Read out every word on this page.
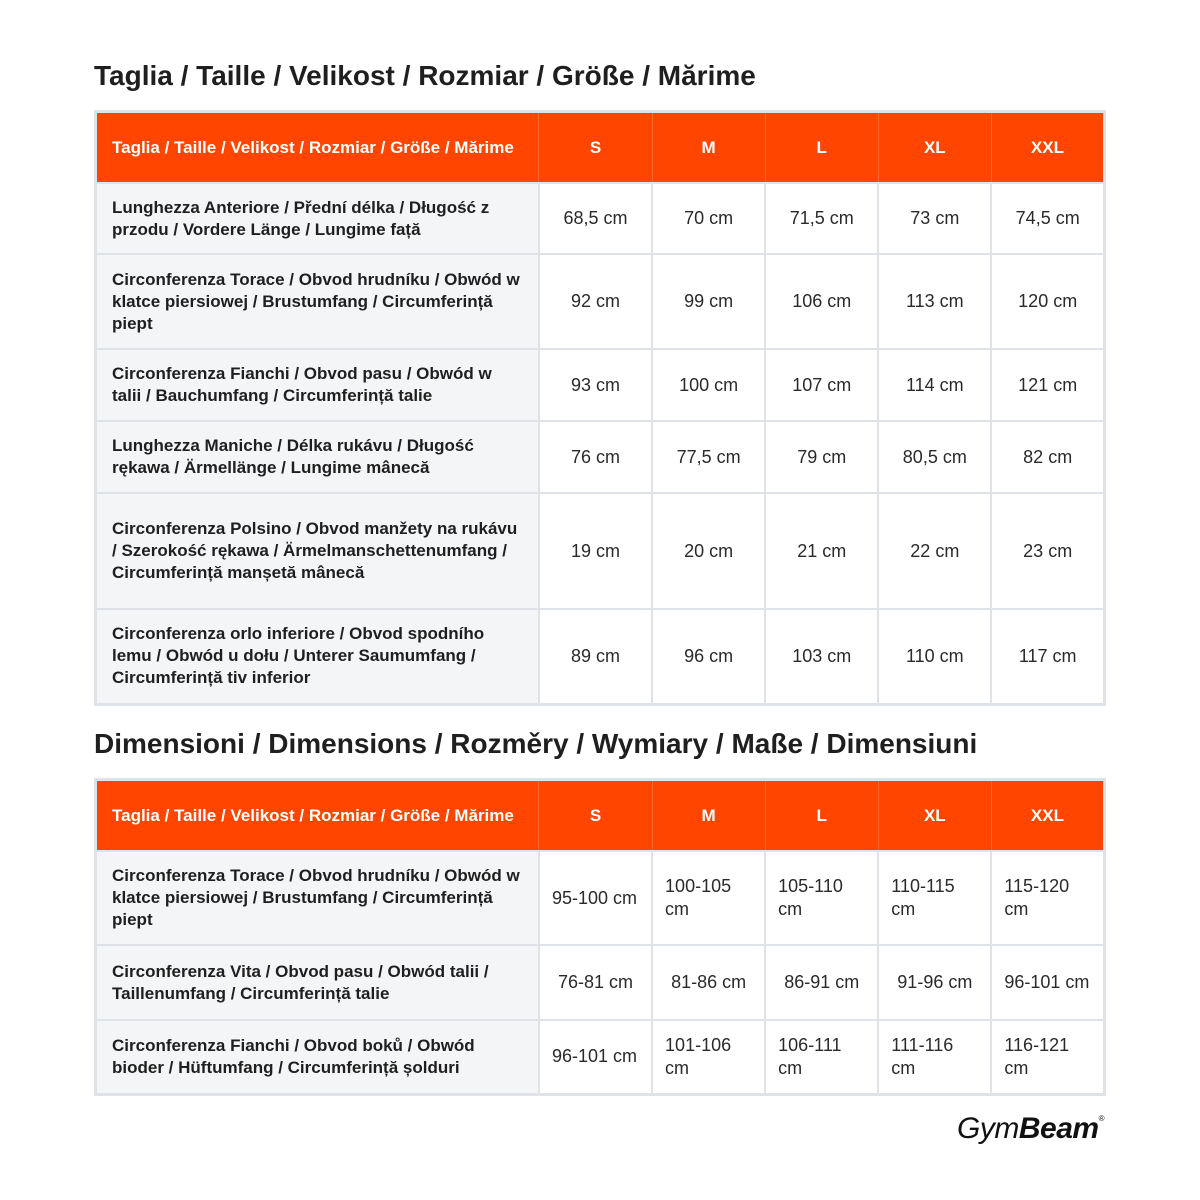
Taglia / Taille / Velikost / Rozmiar / Größe / Mărime
Taglia / Taille / Velikost / Rozmiar / Größe / Mărime	S	M	L	XL	XXL
Lunghezza Anteriore / Přední délka / Długość z przodu / Vordere Länge / Lungime față	68,5 cm	70 cm	71,5 cm	73 cm	74,5 cm
Circonferenza Torace / Obvod hrudníku / Obwód w klatce piersiowej / Brustumfang / Circumferință piept	92 cm	99 cm	106 cm	113 cm	120 cm
Circonferenza Fianchi / Obvod pasu / Obwód w talii / Bauchumfang / Circumferință talie	93 cm	100 cm	107 cm	114 cm	121 cm
Lunghezza Maniche / Délka rukávu / Długość rękawa / Ärmellänge / Lungime mânecă	76 cm	77,5 cm	79 cm	80,5 cm	82 cm
Circonferenza Polsino / Obvod manžety na rukávu / Szerokość rękawa / Ärmelmanschettenumfang / Circumferință manșetă mânecă	19 cm	20 cm	21 cm	22 cm	23 cm
Circonferenza orlo inferiore / Obvod spodního lemu / Obwód u dołu / Unterer Saumumfang / Circumferință tiv inferior	89 cm	96 cm	103 cm	110 cm	117 cm
Dimensioni / Dimensions / Rozměry / Wymiary / Maße / Dimensiuni
Taglia / Taille / Velikost / Rozmiar / Größe / Mărime	S	M	L	XL	XXL
Circonferenza Torace / Obvod hrudníku / Obwód w klatce piersiowej / Brustumfang / Circumferință piept	95-100 cm	100-105 cm	105-110 cm	110-115 cm	115-120 cm
Circonferenza Vita / Obvod pasu / Obwód talii / Taillenumfang / Circumferință talie	76-81 cm	81-86 cm	86-91 cm	91-96 cm	96-101 cm
Circonferenza Fianchi / Obvod boků / Obwód bioder / Hüftumfang / Circumferință șolduri	96-101 cm	101-106 cm	106-111 cm	111-116 cm	116-121 cm
GymBeam®
